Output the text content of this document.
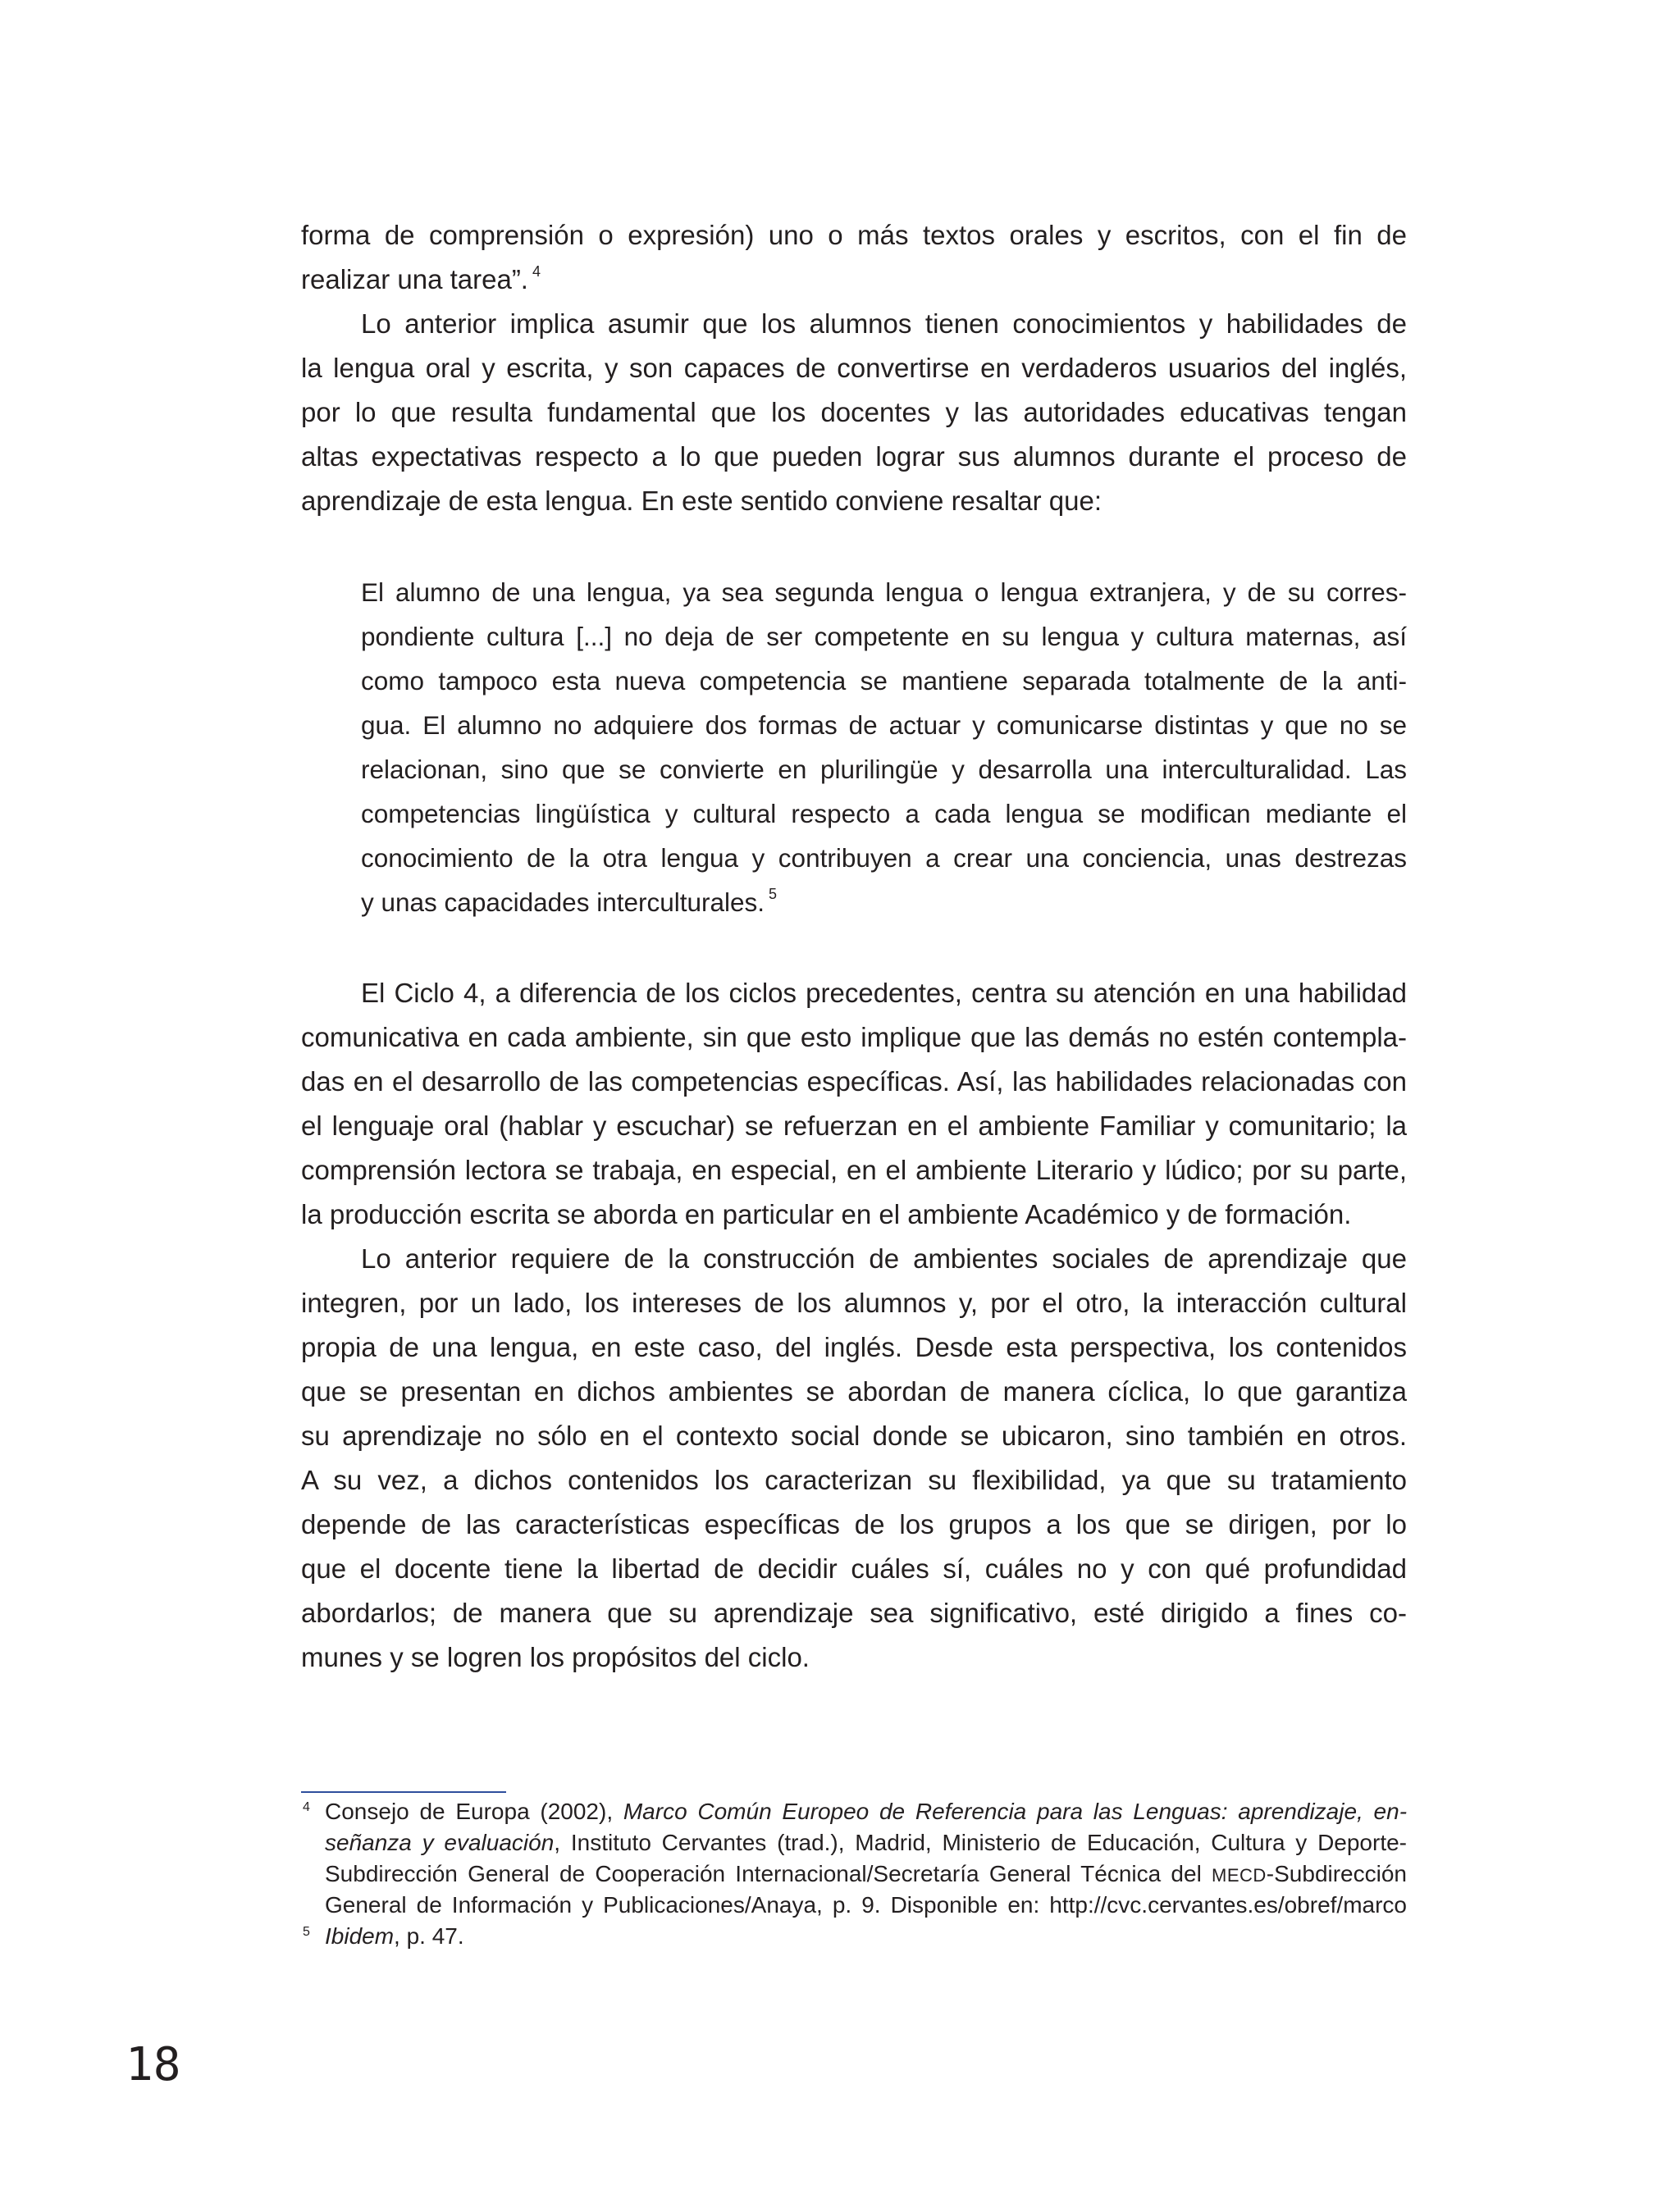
forma de comprensión o expresión) uno o más textos orales y escritos, con el fin de
realizar una tarea”. $^4$
Lo anterior implica asumir que los alumnos tienen conocimientos y habilidades de
la lengua oral y escrita, y son capaces de convertirse en verdaderos usuarios del inglés,
por lo que resulta fundamental que los docentes y las autoridades educativas tengan
altas expectativas respecto a lo que pueden lograr sus alumnos durante el proceso de
aprendizaje de esta lengua. En este sentido conviene resaltar que:
El alumno de una lengua, ya sea segunda lengua o lengua extranjera, y de su corres-
pondiente cultura [...] no deja de ser competente en su lengua y cultura maternas, así
como tampoco esta nueva competencia se mantiene separada totalmente de la anti-
gua. El alumno no adquiere dos formas de actuar y comunicarse distintas y que no se
relacionan, sino que se convierte en plurilingüe y desarrolla una interculturalidad. Las
competencias lingüística y cultural respecto a cada lengua se modifican mediante el
conocimiento de la otra lengua y contribuyen a crear una conciencia, unas destrezas
y unas capacidades interculturales. $^5$
El Ciclo 4, a diferencia de los ciclos precedentes, centra su atención en una habilidad
comunicativa en cada ambiente, sin que esto implique que las demás no estén contempla-
das en el desarrollo de las competencias específicas. Así, las habilidades relacionadas con
el lenguaje oral (hablar y escuchar) se refuerzan en el ambiente Familiar y comunitario; la
comprensión lectora se trabaja, en especial, en el ambiente Literario y lúdico; por su parte,
la producción escrita se aborda en particular en el ambiente Académico y de formación.
Lo anterior requiere de la construcción de ambientes sociales de aprendizaje que
integren, por un lado, los intereses de los alumnos y, por el otro, la interacción cultural
propia de una lengua, en este caso, del inglés. Desde esta perspectiva, los contenidos
que se presentan en dichos ambientes se abordan de manera cíclica, lo que garantiza
su aprendizaje no sólo en el contexto social donde se ubicaron, sino también en otros.
A su vez, a dichos contenidos los caracterizan su flexibilidad, ya que su tratamiento
depende de las características específicas de los grupos a los que se dirigen, por lo
que el docente tiene la libertad de decidir cuáles sí, cuáles no y con qué profundidad
abordarlos; de manera que su aprendizaje sea significativo, esté dirigido a fines co-
munes y se logren los propósitos del ciclo.
4 Consejo de Europa (2002), Marco Común Europeo de Referencia para las Lenguas: aprendizaje, en-
señanza y evaluación, Instituto Cervantes (trad.), Madrid, Ministerio de Educación, Cultura y Deporte-
Subdirección General de Cooperación Internacional/Secretaría General Técnica del MECD-Subdirección
General de Información y Publicaciones/Anaya, p. 9. Disponible en: http://cvc.cervantes.es/obref/marco
5 Ibidem, p. 47.
18
